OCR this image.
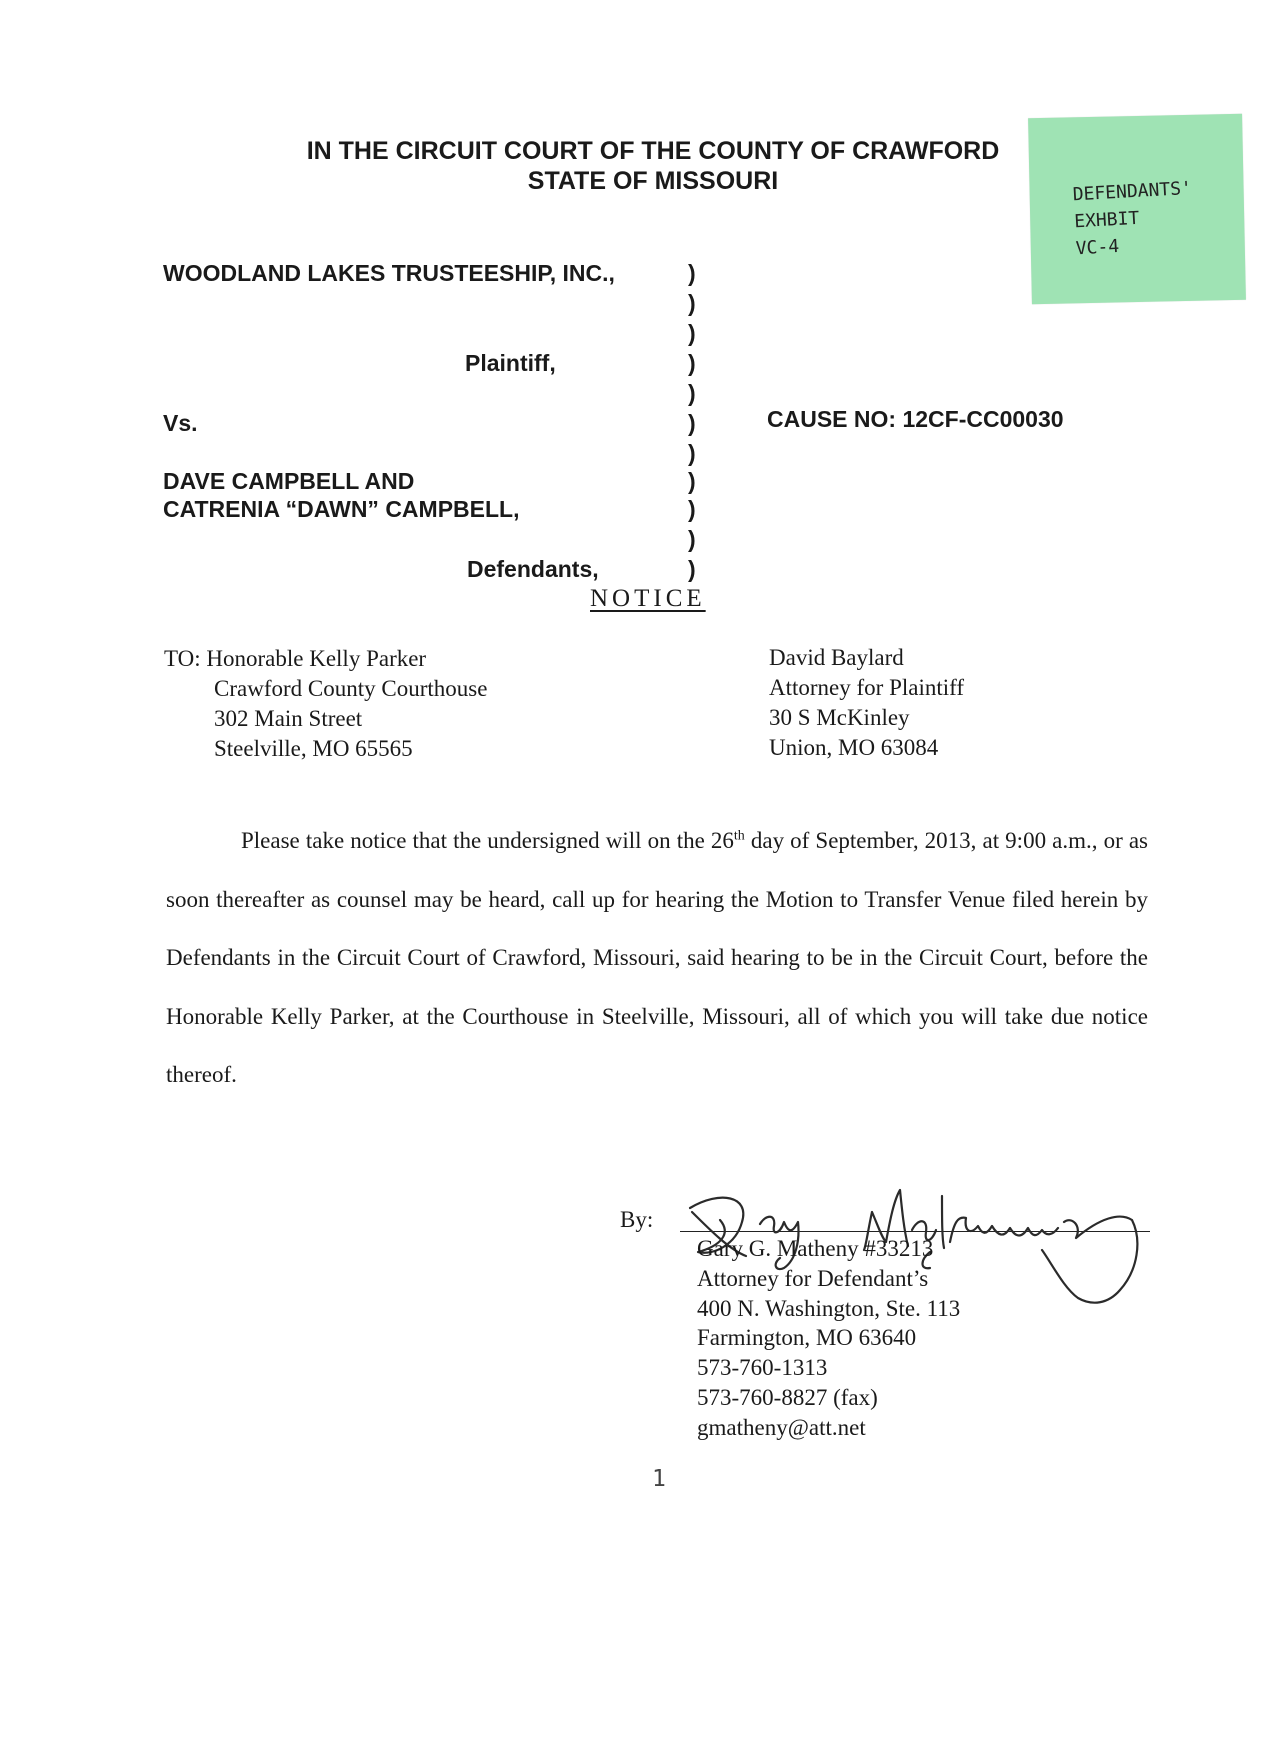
IN THE CIRCUIT COURT OF THE COUNTY OF CRAWFORD
STATE OF MISSOURI	DEFENDANTS'
EXHBIT
VC-4
WOODLAND LAKES TRUSTEESHIP, INC.,
Plaintiff,
Vs.
DAVE CAMPBELL AND
CATRENIA “DAWN” CAMPBELL,
Defendants,
)
)
)
)
)
)
)
)
)
)
)
CAUSE NO: 12CF-CC00030
NOTICE
TO: Honorable Kelly Parker
Crawford County Courthouse
302 Main Street
Steelville, MO 65565
David Baylard
Attorney for Plaintiff
30 S McKinley
Union, MO 63084

Please take notice that the undersigned will on the 26th day of September, 2013, at 9:00 a.m., or as soon thereafter as counsel may be heard, call up for hearing the Motion to Transfer Venue filed herein by Defendants in the Circuit Court of Crawford, Missouri, said hearing to be in the Circuit Court, before the Honorable Kelly Parker, at the Courthouse in Steelville, Missouri, all of which you will take due notice thereof.

By:
Gary G. Matheny #33213
Attorney for Defendant’s
400 N. Washington, Ste. 113
Farmington, MO 63640
573-760-1313
573-760-8827 (fax)
gmatheny@att.net
1
